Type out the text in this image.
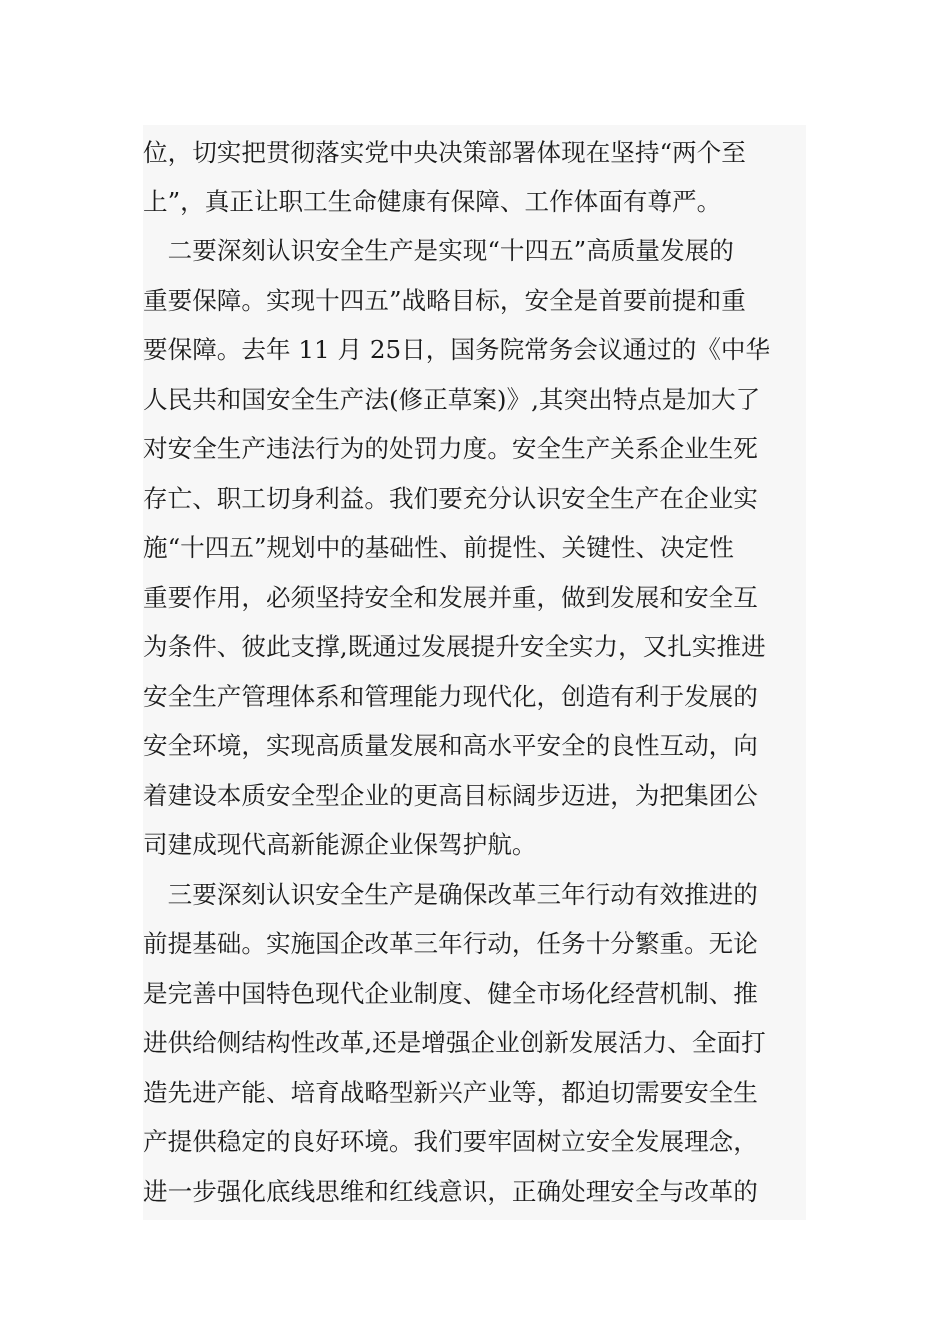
位，切实把贯彻落实党中央决策部署体现在坚持“两个至
上”，真正让职工生命健康有保障、工作体面有尊严。
　二要深刻认识安全生产是实现“十四五”高质量发展的
重要保障。实现十四五”战略目标，安全是首要前提和重
要保障。去年 11 月 25日，国务院常务会议通过的《中华
人民共和国安全生产法(修正草案)》,其突出特点是加大了
对安全生产违法行为的处罚力度。安全生产关系企业生死
存亡、职工切身利益。我们要充分认识安全生产在企业实
施“十四五”规划中的基础性、前提性、关键性、决定性
重要作用，必须坚持安全和发展并重，做到发展和安全互
为条件、彼此支撑,既通过发展提升安全实力，又扎实推进
安全生产管理体系和管理能力现代化，创造有利于发展的
安全环境，实现高质量发展和高水平安全的良性互动，向
着建设本质安全型企业的更高目标阔步迈进，为把集团公
司建成现代高新能源企业保驾护航。
　三要深刻认识安全生产是确保改革三年行动有效推进的
前提基础。实施国企改革三年行动，任务十分繁重。无论
是完善中国特色现代企业制度、健全市场化经营机制、推
进供给侧结构性改革,还是增强企业创新发展活力、全面打
造先进产能、培育战略型新兴产业等，都迫切需要安全生
产提供稳定的良好环境。我们要牢固树立安全发展理念，
进一步强化底线思维和红线意识，正确处理安全与改革的
